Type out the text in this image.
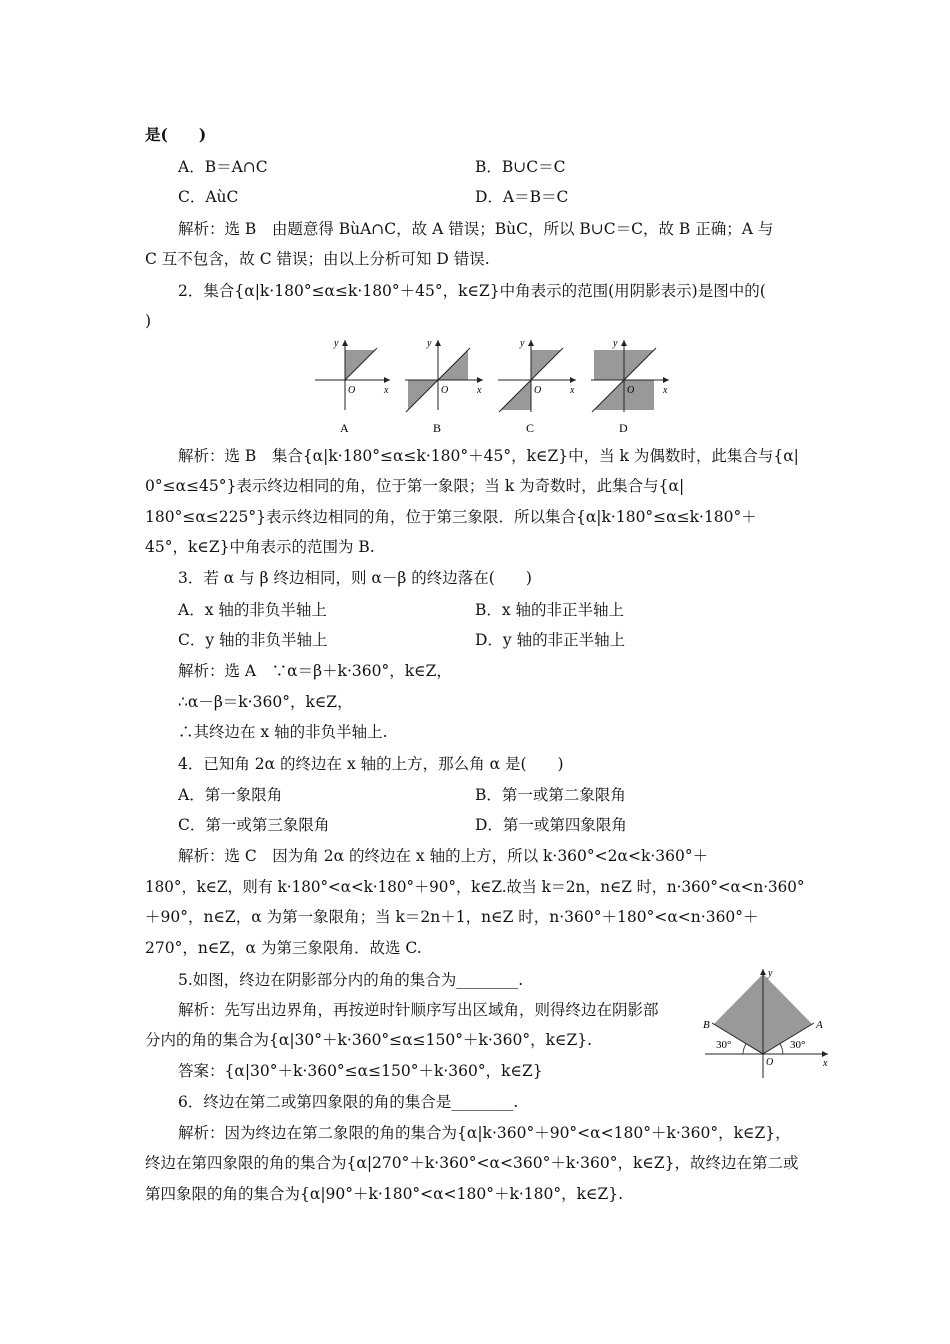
是(　　)
A．B＝A∩C	B．B∪C＝C
C．AùC	D．A＝B＝C
解析：选 B　由题意得 BùA∩C，故 A 错误；BùC，所以 B∪C＝C，故 B 正确；A 与
C 互不包含，故 C 错误；由以上分析可知 D 错误.
2．集合{α|k·180°≤α≤k·180°＋45°，k∈Z}中角表示的范围(用阴影表示)是图中的(
)
y
x
O
A
y
x
O
B
y
x
O
C
y
x
O
D
解析：选 B　集合{α|k·180°≤α≤k·180°＋45°，k∈Z}中，当 k 为偶数时，此集合与{α|
0°≤α≤45°}表示终边相同的角，位于第一象限；当 k 为奇数时，此集合与{α|
180°≤α≤225°}表示终边相同的角，位于第三象限．所以集合{α|k·180°≤α≤k·180°＋
45°，k∈Z}中角表示的范围为 B.
3．若 α 与 β 终边相同，则 α－β 的终边落在(　　)
A．x 轴的非负半轴上	B．x 轴的非正半轴上
C．y 轴的非负半轴上	D．y 轴的非正半轴上
解析：选 A　∵α＝β＋k·360°，k∈Z，
∴α－β＝k·360°，k∈Z，
∴其终边在 x 轴的非负半轴上.
4．已知角 2α 的终边在 x 轴的上方，那么角 α 是(　　)
A．第一象限角	B．第一或第二象限角
C．第一或第三象限角	D．第一或第四象限角
解析：选 C　因为角 2α 的终边在 x 轴的上方，所以 k·360°<2α<k·360°＋
180°，k∈Z，则有 k·180°<α<k·180°＋90°，k∈Z.故当 k＝2n，n∈Z 时，n·360°<α<n·360°
＋90°，n∈Z，α 为第一象限角；当 k＝2n＋1，n∈Z 时，n·360°＋180°<α<n·360°＋
270°，n∈Z，α 为第三象限角．故选 C.
5.如图，终边在阴影部分内的角的集合为________.
解析：先写出边界角，再按逆时针顺序写出区域角，则得终边在阴影部
分内的角的集合为{α|30°＋k·360°≤α≤150°＋k·360°，k∈Z}.
答案：{α|30°＋k·360°≤α≤150°＋k·360°，k∈Z}
A
B
30°
30°
O
y
x
6．终边在第二或第四象限的角的集合是________.
解析：因为终边在第二象限的角的集合为{α|k·360°＋90°<α<180°＋k·360°，k∈Z}，
终边在第四象限的角的集合为{α|270°＋k·360°<α<360°＋k·360°，k∈Z}，故终边在第二或
第四象限的角的集合为{α|90°＋k·180°<α<180°＋k·180°，k∈Z}.
